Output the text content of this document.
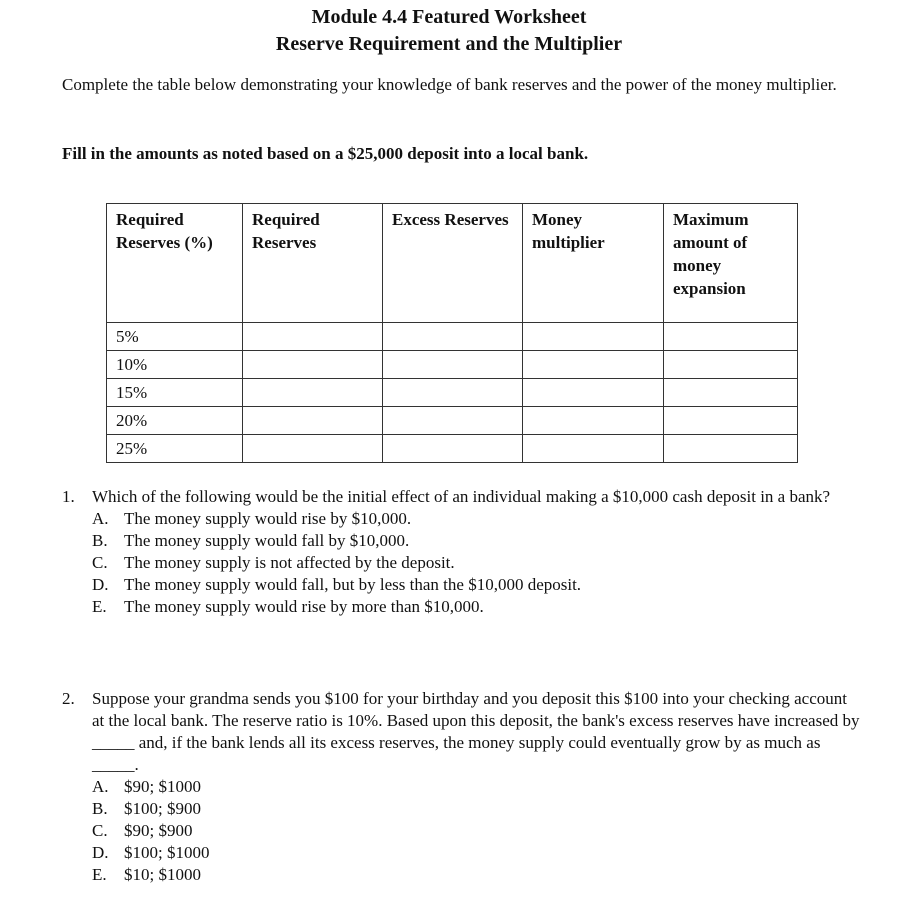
Module 4.4 Featured Worksheet
Reserve Requirement and the Multiplier
Complete the table below demonstrating your knowledge of bank reserves and the power of the money multiplier.
Fill in the amounts as noted based on a $25,000 deposit into a local bank.
Required Reserves (%)	Required Reserves	Excess Reserves	Money multiplier	Maximum amount of money expansion
5%				
10%				
15%				
20%				
25%				
1. Which of the following would be the initial effect of an individual making a $10,000 cash deposit in a bank?
A. The money supply would rise by $10,000.
B. The money supply would fall by $10,000.
C. The money supply is not affected by the deposit.
D. The money supply would fall, but by less than the $10,000 deposit.
E.	The money supply would rise by more than $10,000.
2. Suppose your grandma sends you $100 for your birthday and you deposit this $100 into your checking account at the local bank. The reserve ratio is 10%. Based upon this deposit, the bank's excess reserves have increased by _____ and, if the bank lends all its excess reserves, the money supply could eventually grow by as much as _____.
A. $90; $1000
B. $100; $900
C. $90; $900
D. $100; $1000
E.	$10; $1000
